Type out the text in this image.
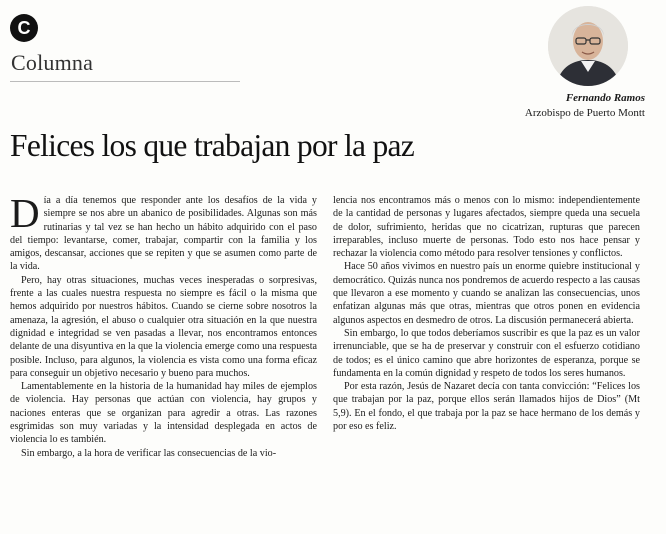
C
Columna
Fernando Ramos
Arzobispo de Puerto Montt
Felices los que trabajan por la paz

Día a día tenemos que responder ante los desafíos de la vida y siempre se nos abre un abanico de posibilidades. Algunas son más rutinarias y tal vez se han hecho un hábito adquirido con el paso del tiempo: levantarse, comer, trabajar, compartir con la familia y los amigos, descansar, acciones que se repiten y que se asumen como parte de la vida.

Pero, hay otras situaciones, muchas veces inesperadas o sorpresivas, frente a las cuales nuestra respuesta no siempre es fácil o la misma que hemos adquirido por nuestros hábitos. Cuando se cierne sobre nosotros la amenaza, la agresión, el abuso o cualquier otra situación en la que nuestra dignidad e integridad se ven pasadas a llevar, nos encontramos entonces delante de una disyuntiva en la que la violencia emerge como una respuesta posible. Incluso, para algunos, la violencia es vista como una forma eficaz para conseguir un objetivo necesario y bueno para muchos.

Lamentablemente en la historia de la humanidad hay miles de ejemplos de violencia. Hay personas que actúan con violencia, hay grupos y naciones enteras que se organizan para agredir a otras. Las razones esgrimidas son muy variadas y la intensidad desplegada en actos de violencia lo es también.

Sin embargo, a la hora de verificar las consecuencias de la vio-

lencia nos encontramos más o menos con lo mismo: independientemente de la cantidad de personas y lugares afectados, siempre queda una secuela de dolor, sufrimiento, heridas que no cicatrizan, rupturas que parecen irreparables, incluso muerte de personas. Todo esto nos hace pensar y rechazar la violencia como método para resolver tensiones y conflictos.

Hace 50 años vivimos en nuestro país un enorme quiebre institucional y democrático. Quizás nunca nos pondremos de acuerdo respecto a las causas que llevaron a ese momento y cuando se analizan las consecuencias, unos enfatizan algunas más que otras, mientras que otros ponen en evidencia algunos aspectos en desmedro de otros. La discusión permanecerá abierta.

Sin embargo, lo que todos deberíamos suscribir es que la paz es un valor irrenunciable, que se ha de preservar y construir con el esfuerzo cotidiano de todos; es el único camino que abre horizontes de esperanza, porque se fundamenta en la común dignidad y respeto de todos los seres humanos.

Por esta razón, Jesús de Nazaret decía con tanta convicción: “Felices los que trabajan por la paz, porque ellos serán llamados hijos de Dios” (Mt 5,9). En el fondo, el que trabaja por la paz se hace hermano de los demás y por eso es feliz.
